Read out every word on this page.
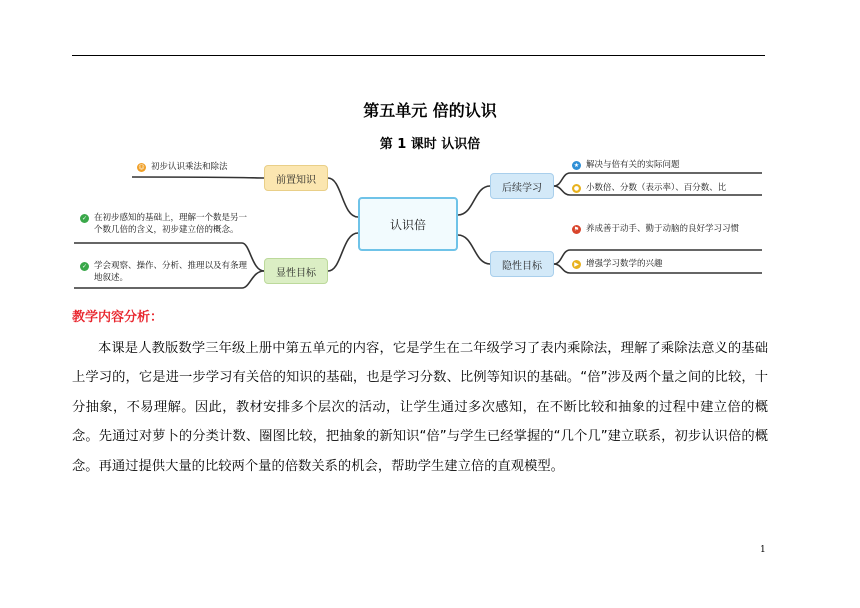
第五单元 倍的认识
第 1 课时 认识倍
认识倍
前置知识
显性目标
后续学习
隐性目标
☺ 初步认识乘法和除法
✓ 在初步感知的基础上，理解一个数是另一个数几倍的含义，初步建立倍的概念。
✓ 学会观察、操作、分析、推理以及有条理地叙述。
★ 解决与倍有关的实际问题
● 小数倍、分数（表示率）、百分数、比
⚑ 养成善于动手、勤于动脑的良好学习习惯
▶ 增强学习数学的兴趣
教学内容分析：
本课是人教版数学三年级上册中第五单元的内容，它是学生在二年级学习了表内乘除法，理解了乘除法意义的基础上学习的，它是进一步学习有关倍的知识的基础，也是学习分数、比例等知识的基础。“倍”涉及两个量之间的比较，十分抽象，不易理解。因此，教材安排多个层次的活动，让学生通过多次感知，在不断比较和抽象的过程中建立倍的概念。先通过对萝卜的分类计数、圈图比较，把抽象的新知识“倍”与学生已经掌握的“几个几”建立联系，初步认识倍的概念。再通过提供大量的比较两个量的倍数关系的机会，帮助学生建立倍的直观模型。
1
